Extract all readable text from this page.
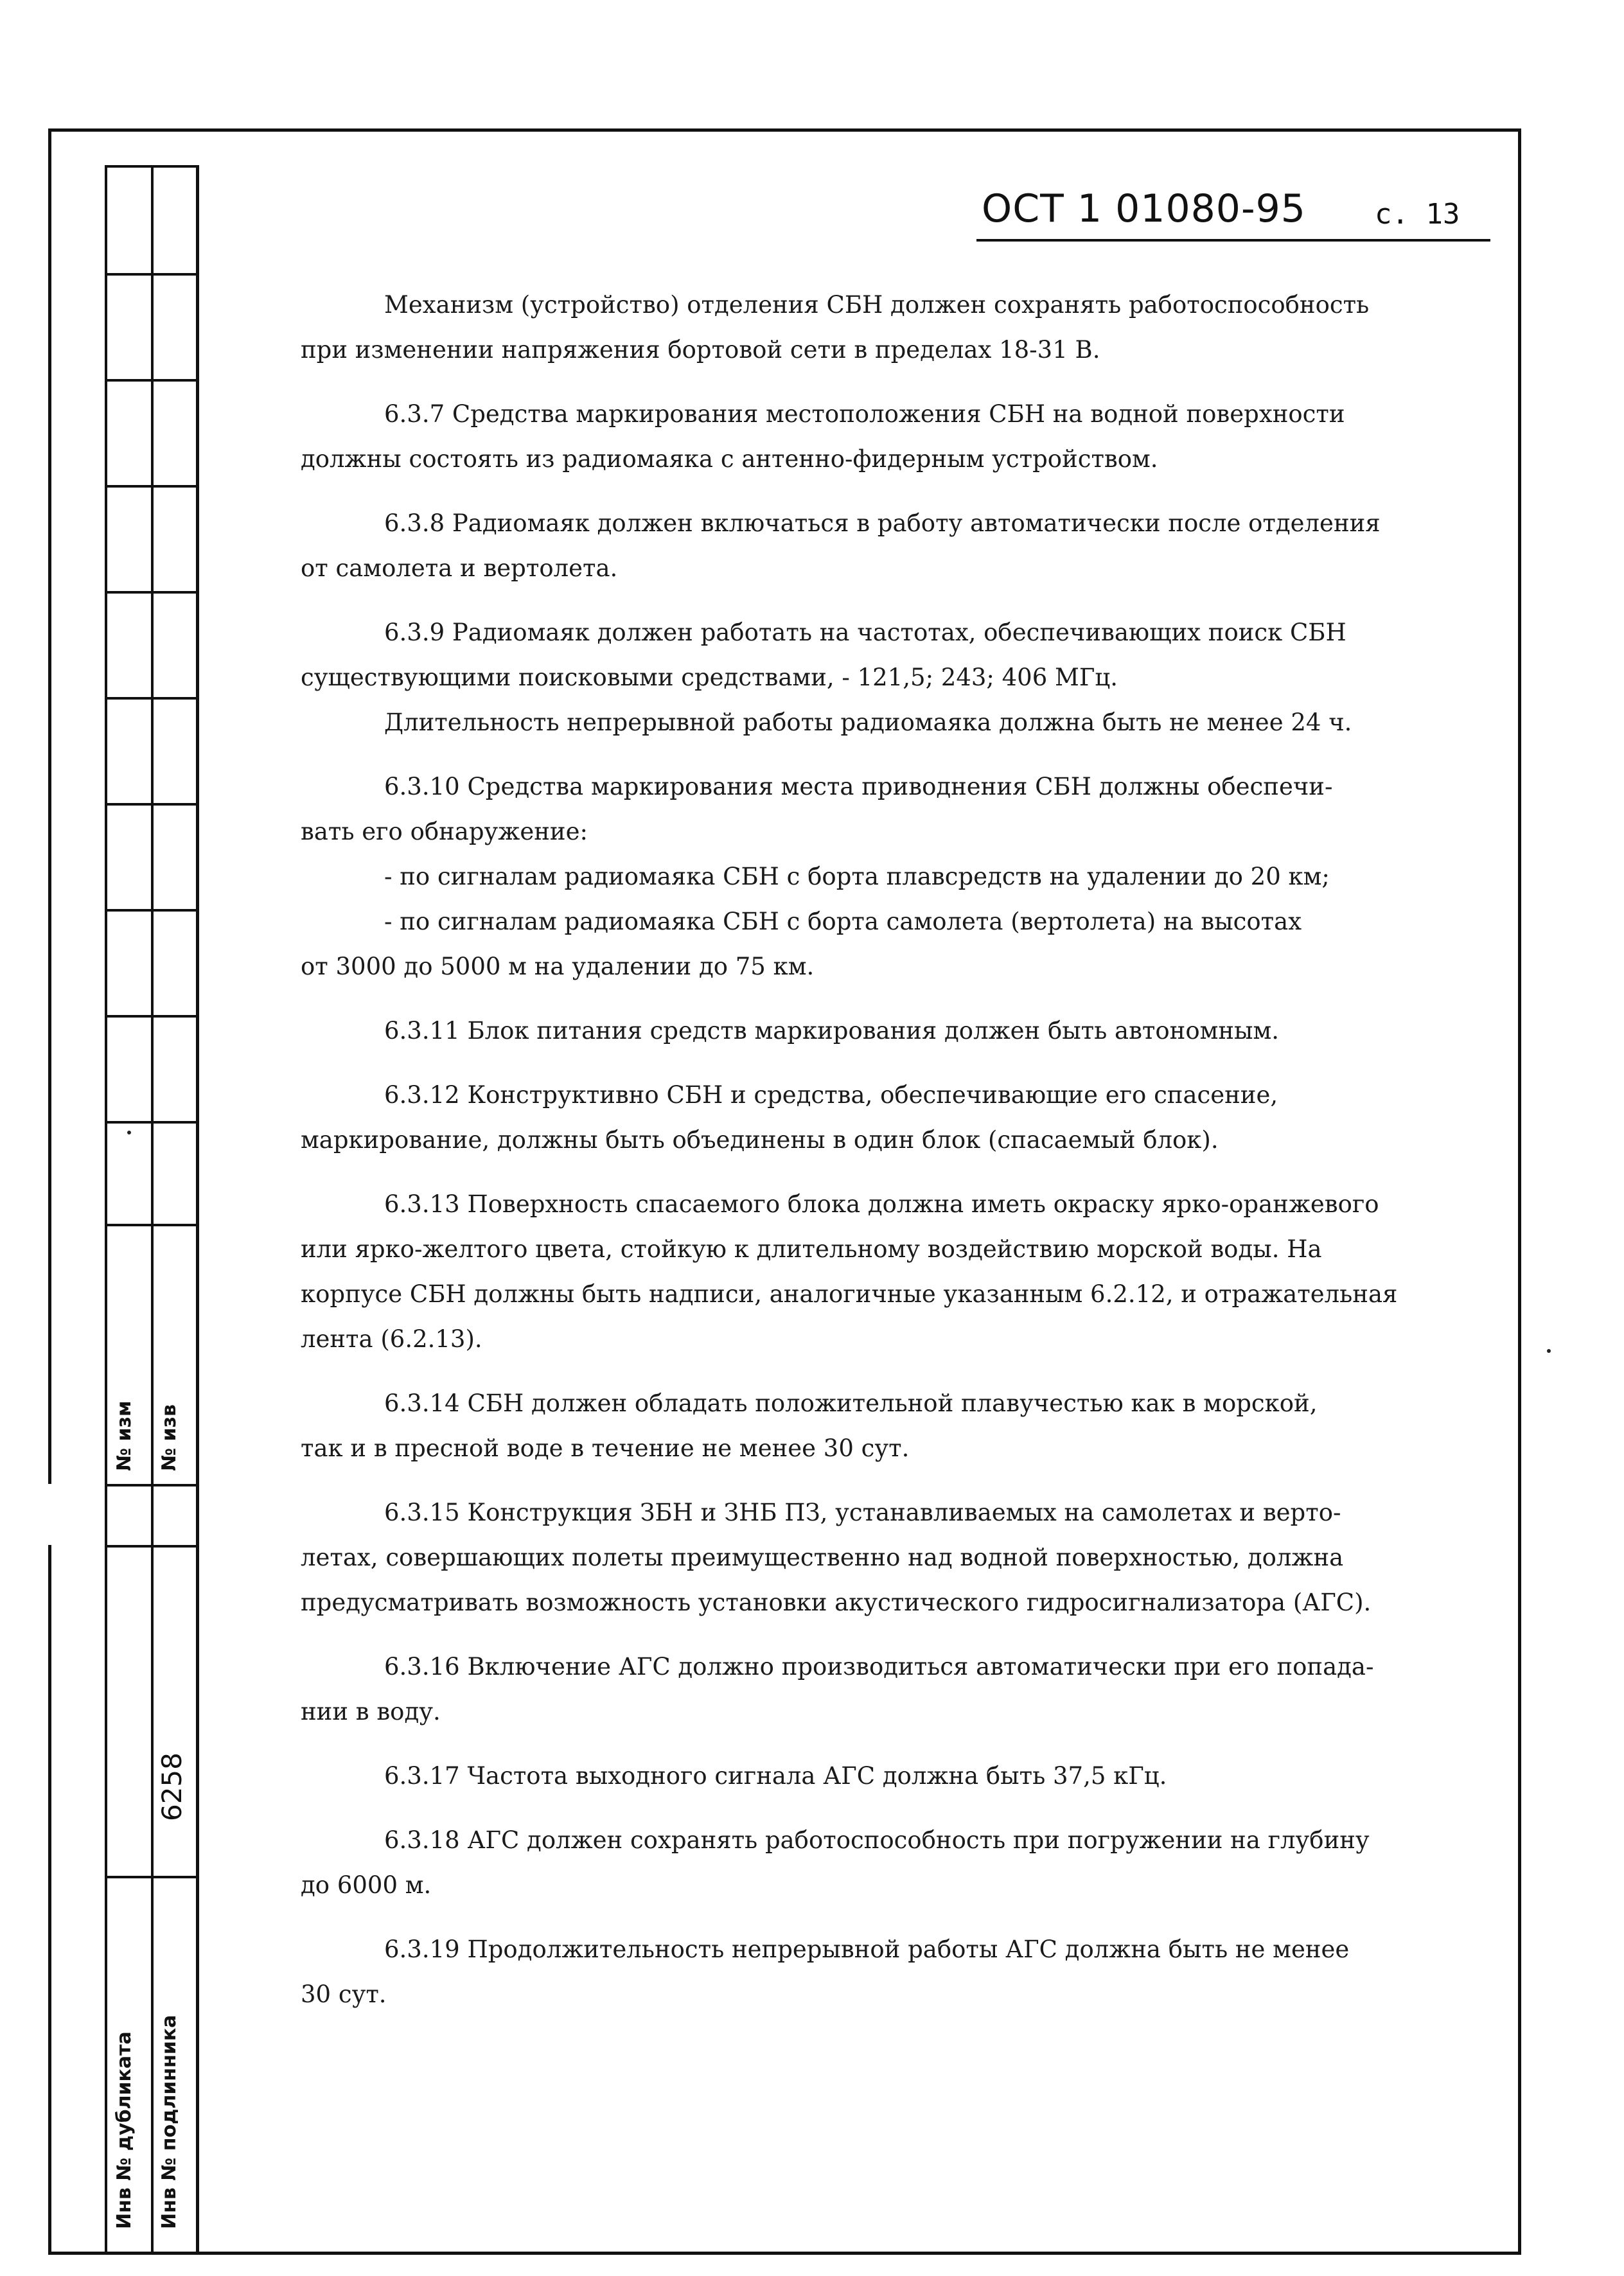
№ изм № изв
6258
Инв № дубликата Инв № подлинника
ОСТ 1 01080-95 с. 13

Механизм (устройство) отделения СБН должен сохранять работоспособность
при изменении напряжения бортовой сети в пределах 18-31 В.

6.3.7 Средства маркирования местоположения СБН на водной поверхности
должны состоять из радиомаяка с антенно-фидерным устройством.

6.3.8 Радиомаяк должен включаться в работу автоматически после отделения
от самолета и вертолета.

6.3.9 Радиомаяк должен работать на частотах, обеспечивающих поиск СБН
существующими поисковыми средствами, - 121,5; 243; 406 МГц.

Длительность непрерывной работы радиомаяка должна быть не менее 24 ч.

6.3.10 Средства маркирования места приводнения СБН должны обеспечи-
вать его обнаружение:

- по сигналам радиомаяка СБН с борта плавсредств на удалении до 20 км;

- по сигналам радиомаяка СБН с борта самолета (вертолета) на высотах
от 3000 до 5000 м на удалении до 75 км.

6.3.11 Блок питания средств маркирования должен быть автономным.

6.3.12 Конструктивно СБН и средства, обеспечивающие его спасение,
маркирование, должны быть объединены в один блок (спасаемый блок).

6.3.13 Поверхность спасаемого блока должна иметь окраску ярко-оранжевого
или ярко-желтого цвета, стойкую к длительному воздействию морской воды. На
корпусе СБН должны быть надписи, аналогичные указанным 6.2.12, и отражательная
лента (6.2.13).

6.3.14 СБН должен обладать положительной плавучестью как в морской,
так и в пресной воде в течение не менее 30 сут.

6.3.15 Конструкция ЗБН и ЗНБ ПЗ, устанавливаемых на самолетах и верто-
летах, совершающих полеты преимущественно над водной поверхностью, должна
предусматривать возможность установки акустического гидросигнализатора (АГС).

6.3.16 Включение АГС должно производиться автоматически при его попада-
нии в воду.

6.3.17 Частота выходного сигнала АГС должна быть 37,5 кГц.

6.3.18 АГС должен сохранять работоспособность при погружении на глубину
до 6000 м.

6.3.19 Продолжительность непрерывной работы АГС должна быть не менее
30 сут.
